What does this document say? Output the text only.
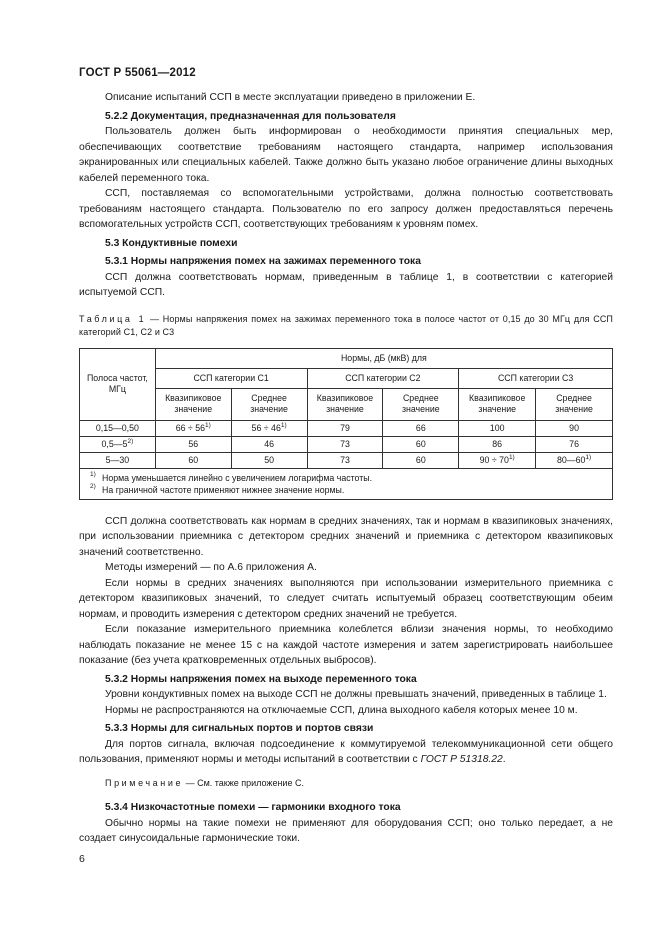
ГОСТ Р 55061—2012

Описание испытаний ССП в месте эксплуатации приведено в приложении Е.

5.2.2 Документация, предназначенная для пользователя

Пользователь должен быть информирован о необходимости принятия специальных мер, обеспечивающих соответствие требованиям настоящего стандарта, например использования экранированных или специальных кабелей. Также должно быть указано любое ограничение длины выходных кабелей переменного тока.

ССП, поставляемая со вспомогательными устройствами, должна полностью соответствовать требованиям настоящего стандарта. Пользователю по его запросу должен предоставляться перечень вспомогательных устройств ССП, соответствующих требованиям к уровням помех.

5.3 Кондуктивные помехи

5.3.1 Нормы напряжения помех на зажимах переменного тока

ССП должна соответствовать нормам, приведенным в таблице 1, в соответствии с категорией испытуемой ССП.

Таблица 1 — Нормы напряжения помех на зажимах переменного тока в полосе частот от 0,15 до 30 МГц для ССП категорий С1, С2 и С3

Полоса частот, МГц	Нормы, дБ (мкВ) для					
	ССП категории С1		ССП категории С2		ССП категории С3	
	Квазипиковое значение	Среднее значение	Квазипиковое значение	Среднее значение	Квазипиковое значение	Среднее значение
0,15—0,50	$66 \div 56^{1)}$	$56 \div 46^{1)}$	79	66	100	90
0,5—5$^{2)}$	56	46	73	60	86	76
5—30	60	50	73	60	$90 \div 70^{1)}$	80—60$^{1)}$

1) Норма уменьшается линейно с увеличением логарифма частоты.
2) На граничной частоте применяют нижнее значение нормы.						

ССП должна соответствовать как нормам в средних значениях, так и нормам в квазипиковых значениях, при использовании приемника с детектором средних значений и приемника с детектором квазипиковых значений соответственно.

Методы измерений — по А.6 приложения А.

Если нормы в средних значениях выполняются при использовании измерительного приемника с детектором квазипиковых значений, то следует считать испытуемый образец соответствующим обеим нормам, и проводить измерения с детектором средних значений не требуется.

Если показание измерительного приемника колеблется вблизи значения нормы, то необходимо наблюдать показание не менее 15 с на каждой частоте измерения и затем зарегистрировать наибольшее показание (без учета кратковременных отдельных выбросов).

5.3.2 Нормы напряжения помех на выходе переменного тока

Уровни кондуктивных помех на выходе ССП не должны превышать значений, приведенных в таблице 1.

Нормы не распространяются на отключаемые ССП, длина выходного кабеля которых менее 10 м.

5.3.3 Нормы для сигнальных портов и портов связи

Для портов сигнала, включая подсоединение к коммутируемой телекоммуникационной сети общего пользования, применяют нормы и методы испытаний в соответствии с ГОСТ Р 51318.22.

Примечание — См. также приложение С.

5.3.4 Низкочастотные помехи — гармоники входного тока

Обычно нормы на такие помехи не применяют для оборудования ССП; оно только передает, а не создает синусоидальные гармонические токи.

6
